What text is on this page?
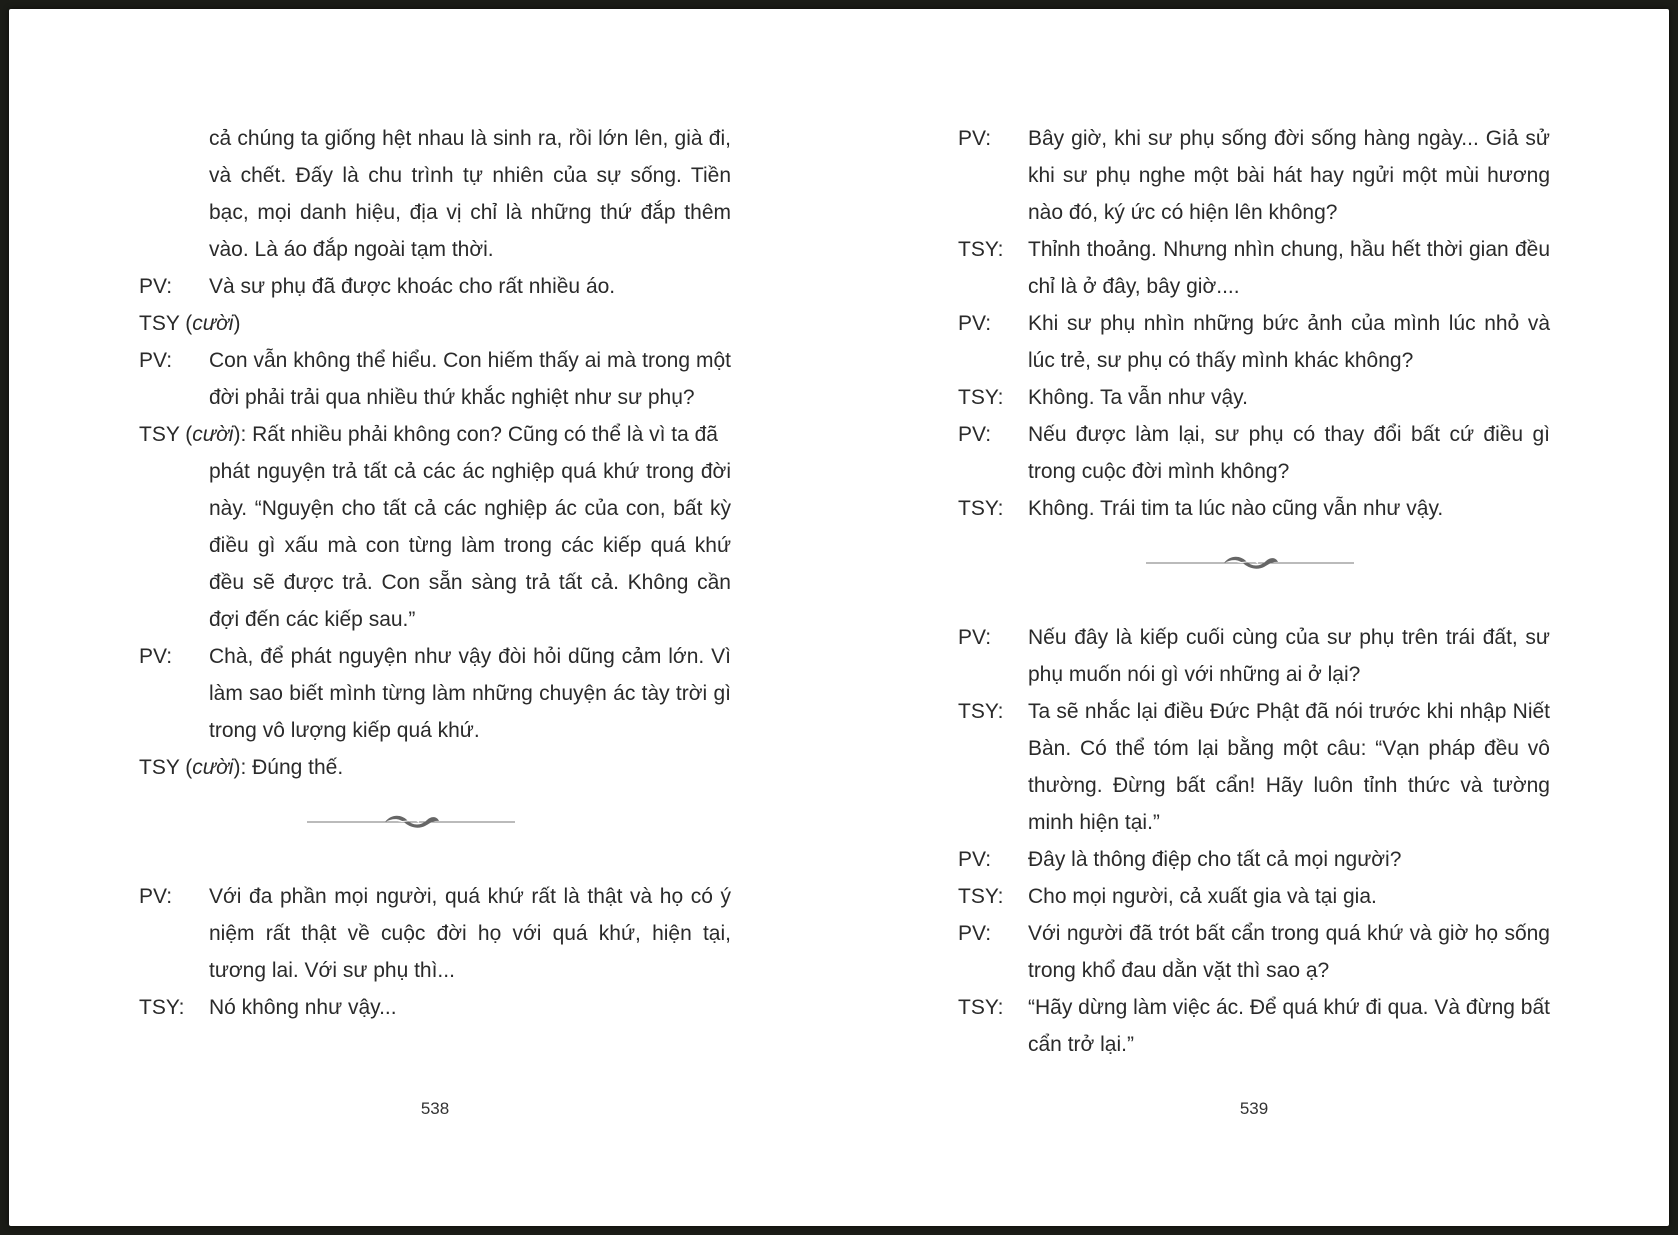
cả chúng ta giống hệt nhau là sinh ra, rồi lớn lên, già đi, và chết. Đấy là chu trình tự nhiên của sự sống. Tiền bạc, mọi danh hiệu, địa vị chỉ là những thứ đắp thêm vào. Là áo đắp ngoài tạm thời.
PV: Và sư phụ đã được khoác cho rất nhiều áo.
TSY (cười)
PV: Con vẫn không thể hiểu. Con hiếm thấy ai mà trong một đời phải trải qua nhiều thứ khắc nghiệt như sư phụ?
TSY (cười): Rất nhiều phải không con? Cũng có thể là vì ta đã
phát nguyện trả tất cả các ác nghiệp quá khứ trong đời này. “Nguyện cho tất cả các nghiệp ác của con, bất kỳ điều gì xấu mà con từng làm trong các kiếp quá khứ đều sẽ được trả. Con sẵn sàng trả tất cả. Không cần đợi đến các kiếp sau.”
PV: Chà, để phát nguyện như vậy đòi hỏi dũng cảm lớn. Vì làm sao biết mình từng làm những chuyện ác tày trời gì trong vô lượng kiếp quá khứ.
TSY (cười): Đúng thế.
PV: Với đa phần mọi người, quá khứ rất là thật và họ có ý niệm rất thật về cuộc đời họ với quá khứ, hiện tại, tương lai. Với sư phụ thì...
TSY: Nó không như vậy...
538
PV: Bây giờ, khi sư phụ sống đời sống hàng ngày... Giả sử khi sư phụ nghe một bài hát hay ngửi một mùi hương nào đó, ký ức có hiện lên không?
TSY: Thỉnh thoảng. Nhưng nhìn chung, hầu hết thời gian đều chỉ là ở đây, bây giờ....
PV: Khi sư phụ nhìn những bức ảnh của mình lúc nhỏ và lúc trẻ, sư phụ có thấy mình khác không?
TSY: Không. Ta vẫn như vậy.
PV: Nếu được làm lại, sư phụ có thay đổi bất cứ điều gì trong cuộc đời mình không?
TSY: Không. Trái tim ta lúc nào cũng vẫn như vậy.
PV: Nếu đây là kiếp cuối cùng của sư phụ trên trái đất, sư phụ muốn nói gì với những ai ở lại?
TSY: Ta sẽ nhắc lại điều Đức Phật đã nói trước khi nhập Niết Bàn. Có thể tóm lại bằng một câu: “Vạn pháp đều vô thường. Đừng bất cẩn! Hãy luôn tỉnh thức và tường minh hiện tại.”
PV: Đây là thông điệp cho tất cả mọi người?
TSY: Cho mọi người, cả xuất gia và tại gia.
PV: Với người đã trót bất cẩn trong quá khứ và giờ họ sống trong khổ đau dằn vặt thì sao ạ?
TSY: “Hãy dừng làm việc ác. Để quá khứ đi qua. Và đừng bất cẩn trở lại.”
539
